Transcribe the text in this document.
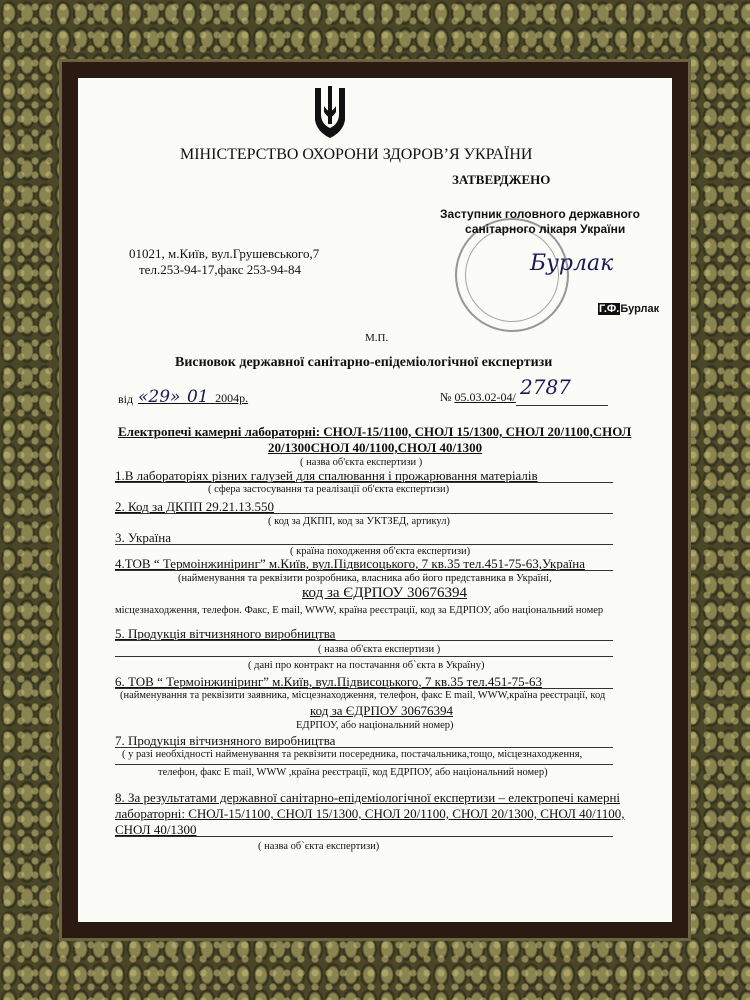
МІНІСТЕРСТВО ОХОРОНИ ЗДОРОВ’Я УКРАЇНИ
ЗАТВЕРДЖЕНО
Заступник головного державного
санітарного лікаря України
01021, м.Київ, вул.Грушевського,7
тел.253-94-17,факс 253-94-84	Бурлак
Г.Ф.Бурлак
М.П.
Висновок державної санітарно-епідеміологічної експертизи
від «29» 01 2004р.	№ 05.03.02-04/ 2787
Електропечі камерні лабораторні: СНОЛ-15/1100, СНОЛ 15/1300, СНОЛ 20/1100,СНОЛ
20/1300СНОЛ 40/1100,СНОЛ 40/1300
( назва об'єкта експертизи )
1.В лабораторіях різних галузей для спалювання і прожарювання матеріалів
( сфера застосування та реалізації об'єкта експертизи)
2. Код за ДКПП 29.21.13.550
( код за ДКПП, код за УКТЗЕД, артикул)
3. Україна
( країна походження об'єкта експертизи)
4.ТОВ “ Термоінжиніринг” м.Київ, вул.Підвисоцького, 7 кв.35 тел.451-75-63,Україна
(найменування та реквізити розробника, власника або його представника в Україні,
код за ЄДРПОУ 30676394
місцезнаходження, телефон. Факс, E mail, WWW, країна реєстрації, код за ЕДРПОУ, або національний номер
5. Продукція вітчизняного виробництва
( назва об'єкта експертизи )
( дані про контракт на постачання об`єкта в Україну)
6. ТОВ “ Термоінжиніринг” м.Київ, вул.Підвисоцького, 7 кв.35 тел.451-75-63
(найменування та реквізити заявника, місцезнаходження, телефон, факс E mail, WWW,країна реєстрації, код
код за ЄДРПОУ 30676394
ЕДРПОУ, або національний номер)
7. Продукція вітчизняного виробництва
( у разі необхідності найменування та реквізити посередника, постачальника,тощо, місцезнаходження,
телефон, факс E mail, WWW ,країна реєстрації, код ЕДРПОУ, або національний номер)
8. За результатами державної санітарно-епідеміологічної експертизи – електропечі камерні
лабораторні: СНОЛ-15/1100, СНОЛ 15/1300, СНОЛ 20/1100, СНОЛ 20/1300, СНОЛ 40/1100,
СНОЛ 40/1300
( назва об`єкта експертизи)
